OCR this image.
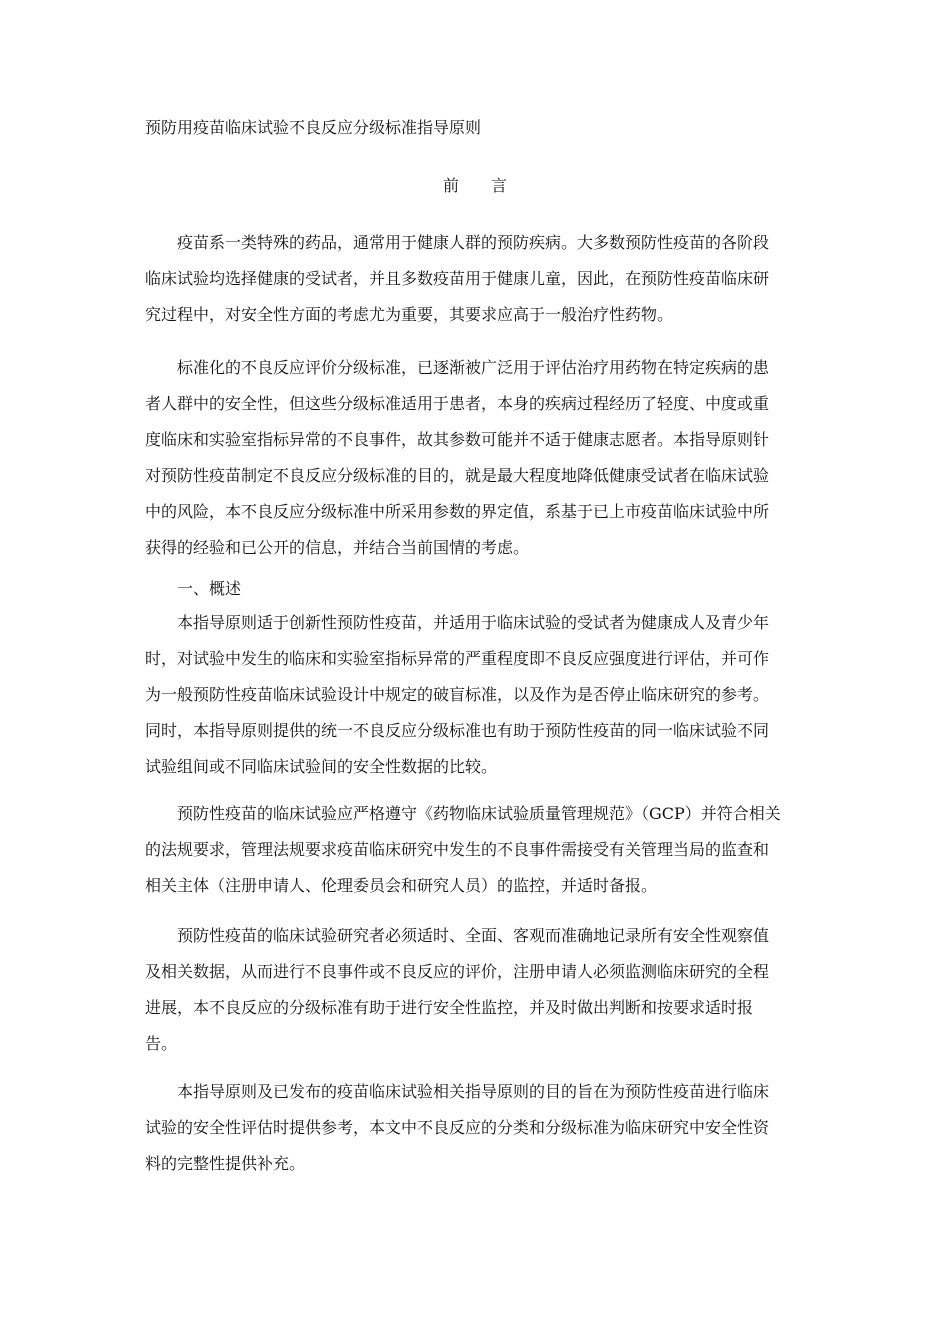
预防用疫苗临床试验不良反应分级标准指导原则
前　　言
疫苗系一类特殊的药品，通常用于健康人群的预防疾病。大多数预防性疫苗的各阶段
临床试验均选择健康的受试者，并且多数疫苗用于健康儿童，因此，在预防性疫苗临床研
究过程中，对安全性方面的考虑尤为重要，其要求应高于一般治疗性药物。
标准化的不良反应评价分级标准，已逐渐被广泛用于评估治疗用药物在特定疾病的患
者人群中的安全性，但这些分级标准适用于患者，本身的疾病过程经历了轻度、中度或重
度临床和实验室指标异常的不良事件，故其参数可能并不适于健康志愿者。本指导原则针
对预防性疫苗制定不良反应分级标准的目的，就是最大程度地降低健康受试者在临床试验
中的风险，本不良反应分级标准中所采用参数的界定值，系基于已上市疫苗临床试验中所
获得的经验和已公开的信息，并结合当前国情的考虑。
一、概述
本指导原则适于创新性预防性疫苗，并适用于临床试验的受试者为健康成人及青少年
时，对试验中发生的临床和实验室指标异常的严重程度即不良反应强度进行评估，并可作
为一般预防性疫苗临床试验设计中规定的破盲标准，以及作为是否停止临床研究的参考。
同时，本指导原则提供的统一不良反应分级标准也有助于预防性疫苗的同一临床试验不同
试验组间或不同临床试验间的安全性数据的比较。
预防性疫苗的临床试验应严格遵守《药物临床试验质量管理规范》（GCP）并符合相关
的法规要求，管理法规要求疫苗临床研究中发生的不良事件需接受有关管理当局的监查和
相关主体（注册申请人、伦理委员会和研究人员）的监控，并适时备报。
预防性疫苗的临床试验研究者必须适时、全面、客观而准确地记录所有安全性观察值
及相关数据，从而进行不良事件或不良反应的评价，注册申请人必须监测临床研究的全程
进展，本不良反应的分级标准有助于进行安全性监控，并及时做出判断和按要求适时报
告。
本指导原则及已发布的疫苗临床试验相关指导原则的目的旨在为预防性疫苗进行临床
试验的安全性评估时提供参考，本文中不良反应的分类和分级标准为临床研究中安全性资
料的完整性提供补充。
